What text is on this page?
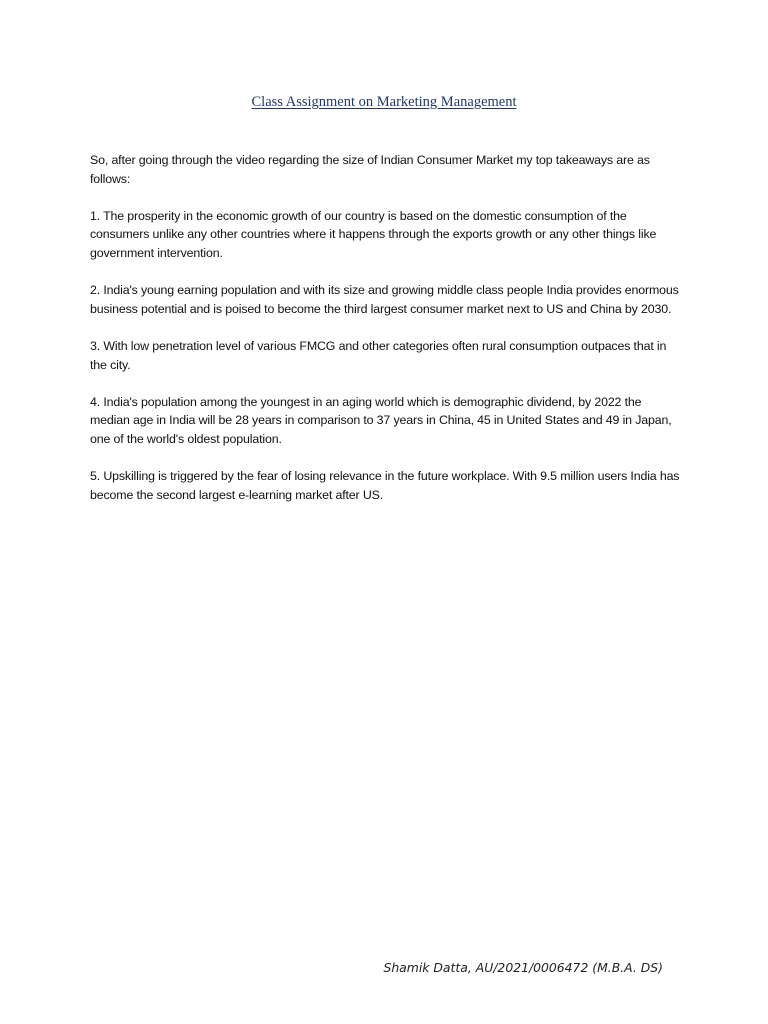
Class Assignment on Marketing Management

So, after going through the video regarding the size of Indian Consumer Market my top takeaways are as follows:

1. The prosperity in the economic growth of our country is based on the domestic consumption of the consumers unlike any other countries where it happens through the exports growth or any other things like government intervention.

2. India's young earning population and with its size and growing middle class people India provides enormous business potential and is poised to become the third largest consumer market next to US and China by 2030.

3. With low penetration level of various FMCG and other categories often rural consumption outpaces that in the city.

4. India's population among the youngest in an aging world which is demographic dividend, by 2022 the median age in India will be 28 years in comparison to 37 years in China, 45 in United States and 49 in Japan, one of the world's oldest population.

5. Upskilling is triggered by the fear of losing relevance in the future workplace. With 9.5 million users India has become the second largest e-learning market after US.

Shamik Datta, AU/2021/0006472 (M.B.A. DS)
